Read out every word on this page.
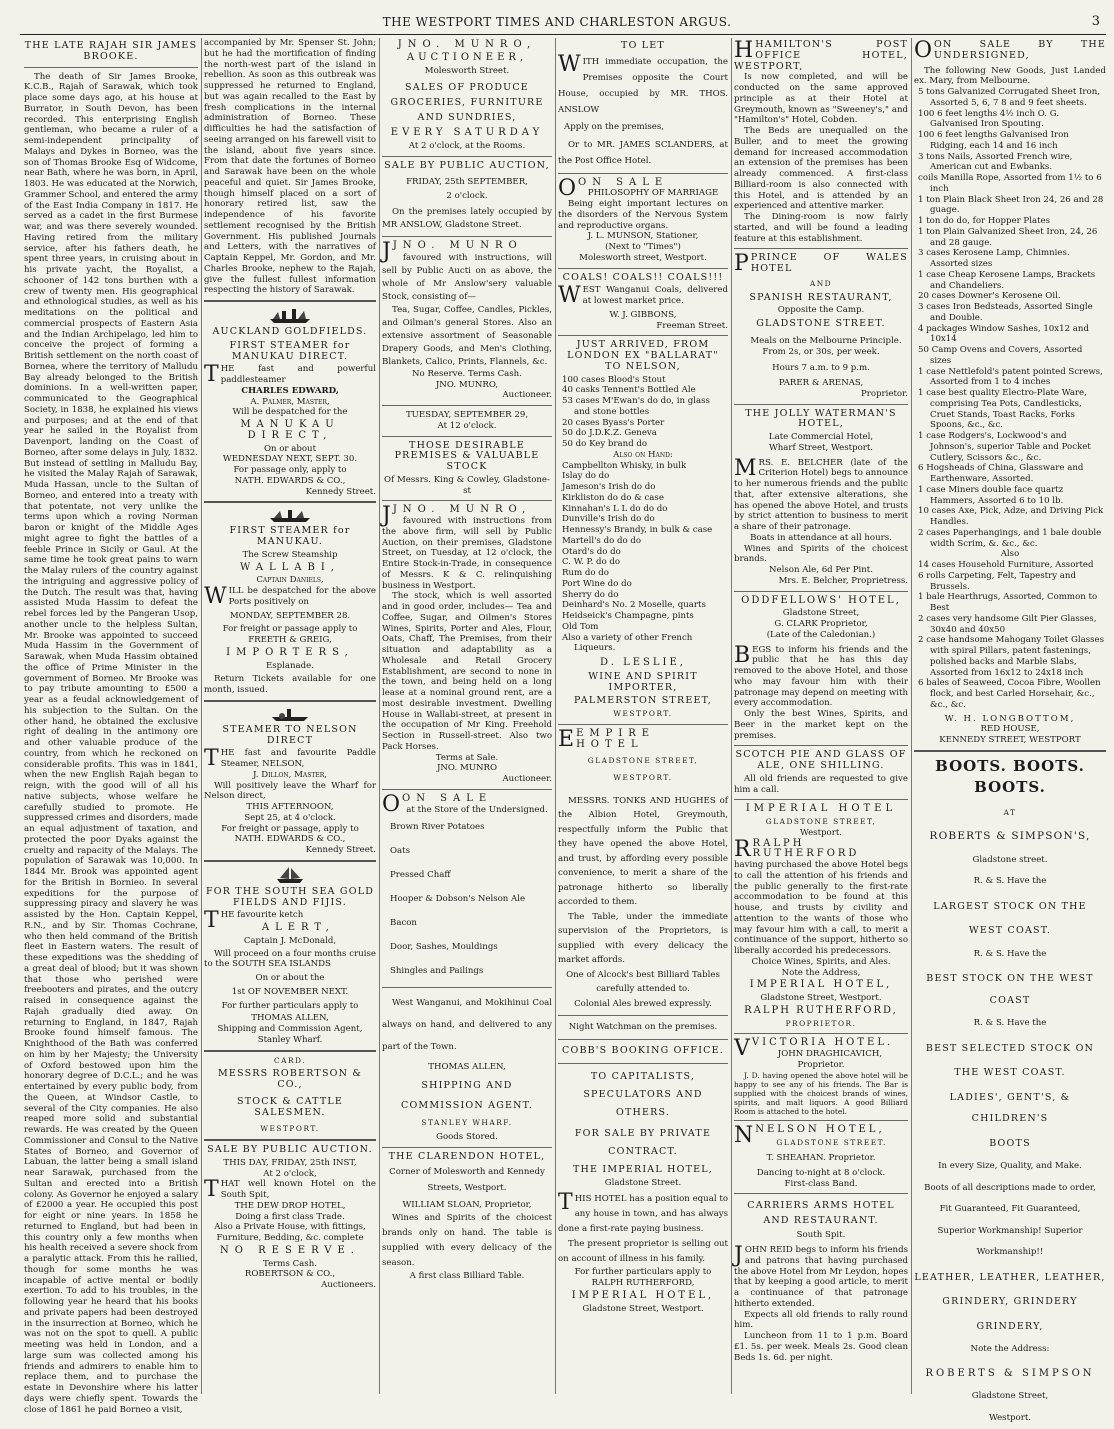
THE WESTPORT TIMES AND CHARLESTON ARGUS.	3
THE LATE RAJAH SIR JAMES BROOKE.

The death of Sir James Brooke, K.C.B., Rajah of Sarawak, which took place some days ago, at his house at Burrator, in South Devon, has been recorded. This enterprising English gentleman, who became a ruler of a semi-independent principality of Malays and Dykes in Borneo, was the son of Thomas Brooke Esq of Widcome, near Bath, where he was born, in April, 1803. He was educated at the Norwich, Grammer School, and entered the army of the East India Company in 1817. He served as a cadet in the first Burmese war, and was there severely wounded. Having retired from the military service, after his fathers death, he spent three years, in cruising about in his private yacht, the Royalist, a schooner of 142 tons burthen with a crew of twenty men. His geographical and ethnological studies, as well as his meditations on the political and commercial prospects of Eastern Asia and the Indian Archipelago, led him to conceive the project of forming a British settlement on the north coast of Bornea, where the territory of Malludu Bay already belonged to the British dominions. In a well-written paper, communicated to the Geographical Society, in 1838, he explained his views and purposes; and at the end of that year he sailed in the Royalist from Davenport, landing on the Coast of Borneo, after some delays in July, 1832. But instead of settling in Malludu Bay, he visited the Malay Rajah of Sarawak, Muda Hassan, uncle to the Sultan of Borneo, and entered into a treaty with that potentate, not very unlike the terms upon which a roving Norman baron or knight of the Middle Ages might agree to fight the battles of a feeble Prince in Sicily or Gaul. At the same time he took great pains to warn the Malay rulers of the country against the intriguing and aggressive policy of the Dutch. The result was that, having assisted Muda Hassim to defeat the rebel forces led by the Pangeran Usop, another uncle to the helpless Sultan, Mr. Brooke was appointed to succeed Muda Hassim in the Government of Sarawak, when Muda Hassim obtained the office of Prime Minister in the government of Borneo. Mr Brooke was to pay tribute amounting to £500 a year as a feudal acknowledgement of his subjection to the Sultan. On the other hand, he obtained the exclusive right of dealing in the antimony ore and other valuable produce of the country, from which he reckoned on considerable profits. This was in 1841, when the new English Rajah began to reign, with the good will of all his native subjects, whose welfare he carefully studied to promote. He suppressed crimes and disorders, made an equal adjustment of taxation, and protected the poor Dyaks against the cruelty and rapacity of the Malays. The population of Sarawak was 10,000. In 1844 Mr. Brook was appointed agent for the British in Bornieo. In several expeditions for the purpose of suppressing piracy and slavery he was assisted by the Hon. Captain Keppel, R.N., and by Sir. Thomas Cochrane, who then held command of the British fleet in Eastern waters. The result of these expeditions was the shedding of a great deal of blood; but it was shown that those who perished were freebooters and pirates, and the outcry raised in consequence against the Rajah gradually died away. On returning to England, in 1847, Rajah Brooke found himself famous. The Knighthood of the Bath was conferred on him by her Majesty; the University of Oxford bestowed upon him the honorary degree of D.C.L.; and he was entertained by every public body, from the Queen, at Windsor Castle, to several of the City companies. He also reaped more solid and substantial rewards. He was created by the Queen Commissioner and Consul to the Native States of Borneo, and Governor of Labuan, the latter being a small island near Sarawak, purchased from the Sultan and erected into a British colony. As Governor he enjoyed a salary of £2000 a year. He occupied this post for eight or nine years. In 1858 he returned to England, but had been in this country only a few months when his health received a severe shock from a paralytic attack. From this he rallied, though for some months he was incapable of active mental or bodily exertion. To add to his troubles, in the following year he heard that his books and private papers had been destroyed in the insurrection at Borneo, which he was not on the spot to quell. A public meeting was held in London, and a large sum was collected among his friends and admirers to enable him to replace them, and to purchase the estate in Devonshire where his latter days were chiefly spent. Towards the close of 1861 he paid Borneo a visit,

accompanied by Mr. Spenser St. John; but he had the mortification of finding the north-west part of the island in rebellion. As soon as this outbreak was suppressed he returned to England, but was again recalled to the East by fresh complications in the internal administration of Borneo. These difficulties he had the satisfaction of seeing arranged on his farewell visit to the island, about five years since. From that date the fortunes of Borneo and Sarawak have been on the whole peaceful and quiet. Sir James Brooke, though himself placed on a sort of honorary retired list, saw the independence of his favorite settlement recognised by the British Government. His published Journals and Letters, with the narratives of Captain Keppel, Mr. Gordon, and Mr. Charles Brooke, nephew to the Rajah, give the fullest fullest information respecting the history of Sarawak.

AUCKLAND GOLDFIELDS.
FIRST STEAMER for MANUKAU DIRECT.

THE fast and powerful paddlesteamer

CHARLES EDWARD,
A. Palmer, Master,
Will be despatched for the
MANUKAU DIRECT,
On or about
WEDNESDAY NEXT, SEPT. 30.
For passage only, apply to
NATH. EDWARDS & CO.,
Kennedy Street.
FIRST STEAMER for MANUKAU.
The Screw Steamship
WALLABI,
Captain Daniels,

WILL be despatched for the above Ports positively on

MONDAY, SEPTEMBER 28.
For freight or passage apply to
FREETH & GREIG,
IMPORTERS,
Esplanade.

Return Tickets available for one month, issued.

STEAMER TO NELSON DIRECT

THE fast and favourite Paddle Steamer, NELSON,

J. Dillon, Master,

Will positively leave the Wharf for Nelson direct,

THIS AFTERNOON,
Sept 25, at 4 o'clock.
For freight or passage, apply to
NATH. EDWARDS & CO.,
Kennedy Street.
FOR THE SOUTH SEA GOLD FIELDS AND FIJIS.

THE favourite ketch

ALERT,
Captain J. McDonald,

Will proceed on a four months cruise to the SOUTH SEA ISLANDS

On or about the
1st OF NOVEMBER NEXT.
For further particulars apply to
THOMAS ALLEN,
Shipping and Commission Agent,
Stanley Wharf.
CARD.
MESSRS ROBERTSON & CO.,
STOCK & CATTLE SALESMEN.
WESTPORT.
SALE BY PUBLIC AUCTION.
THIS DAY, FRIDAY, 25th INST,
At 2 o'clock,

THAT well known Hotel on the South Spit,

THE DEW DROP HOTEL,
Doing a first class Trade.
Also a Private House, with fittings, Furniture, Bedding, &c. complete
NO RESERVE.
Terms Cash.
ROBERTSON & CO.,
Auctioneers.
JNO. MUNRO,
AUCTIONEER,
Molesworth Street.
SALES OF PRODUCE GROCERIES, FURNITURE AND SUNDRIES,
EVERY SATURDAY
At 2 o'clock, at the Rooms.
SALE BY PUBLIC AUCTION,
FRIDAY, 25th SEPTEMBER,
2 o'clock.

On the premises lately occupied by MR ANSLOW, Gladstone Street.

JJNO. MUNRO

favoured with instructions, will sell by Public Aucti on as above, the whole of Mr Anslow'sery valuable Stock, consisting of—

Tea, Sugar, Coffee, Candles, Pickles, and Oilman's general Stores. Also an extensive assortment of Seasonable Drapery Goods, and Men's Clothing, Blankets, Calico, Prints, Flannels, &c.

No Reserve. Terms Cash.
JNO. MUNRO,
Auctioneer.
TUESDAY, SEPTEMBER 29,
At 12 o'clock.
THOSE DESIRABLE PREMISES & VALUABLE STOCK
Of Messrs. King & Cowley, Gladstone-st

JJNO. MUNRO,

favoured with instructions from the above firm, will sell by Public Auction, on their premises, Gladstone Street, on Tuesday, at 12 o'clock, the Entire Stock-in-Trade, in consequence of Messrs. K & C. relinquishing business in Westport.

The stock, which is well assorted and in good order, includes— Tea and Coffee, Sugar, and Oilmen's Stores Wines, Spirits, Porter and Ales, Flour, Oats, Chaff, The Premises, from their situation and adaptability as a Wholesale and Retail Grocery Establishment, are second to none in the town, and being held on a long lease at a nominal ground rent, are a most desirable investment. Dwelling House in Wallabi-street, at present in the occupation of Mr King. Freehold Section in Russell-street. Also two Pack Horses.

Terms at Sale.
JNO. MUNRO
Auctioneer.

OON SALE

at the Store of the Undersigned.
Brown River Potatoes
Oats
Pressed Chaff
Hooper & Dobson's Nelson Ale
Bacon
Door, Sashes, Mouldings
Shingles and Pailings

West Wanganui, and Mokihinui Coal always on hand, and delivered to any part of the Town.

THOMAS ALLEN,
SHIPPING AND COMMISSION AGENT.
STANLEY WHARF.
Goods Stored.
THE CLARENDON HOTEL,
Corner of Molesworth and Kennedy Streets, Westport.
WILLIAM SLOAN, Proprietor,

Wines and Spirits of the choicest brands only on hand. The table is supplied with every delicacy of the season.

A first class Billiard Table.
TO LET

WITH immediate occupation, the Premises opposite the Court House, occupied by MR. THOS. ANSLOW

Apply on the premises,

Or to MR. JAMES SCLANDERS, at the Post Office Hotel.

OON SALE

PHILOSOPHY OF MARRIAGE

Being eight important lectures on the disorders of the Nervous System and reproductive organs.

J. L. MUNSON, Stationer,
(Next to "Times")
Molesworth street, Westport.
COALS! COALS!! COALS!!!

WEST Wanganui Coals, delivered at lowest market price.

W. J. GIBBONS,
Freeman Street.
JUST ARRIVED, FROM LONDON EX "BALLARAT" TO NELSON,
100 cases Blood's Stout
40 casks Tennent's Bottled Ale
53 cases M'Ewan's do do, in glass and stone bottles
20 cases Byass's Porter
50 do J.D.K.Z. Geneva
50 do Key brand do
Also on Hand:
Campbellton Whisky, in bulk
Islay do do
Jameson's Irish do do
Kirkliston do do & case
Kinnahan's L L do do do
Dunville's Irish do do
Hennessy's Brandy, in bulk & case
Martell's do do do
Otard's do do
C. W. P. do do
Rum do do
Port Wine do do
Sherry do do
Deinhard's No. 2 Moselle, quarts
Heidseick's Champagne, pints
Old Tom
Also a variety of other French Liqueurs.
D. LESLIE,
WINE AND SPIRIT IMPORTER,
PALMERSTON STREET,
WESTPORT.

EEMPIRE HOTEL

GLADSTONE STREET,
WESTPORT.

MESSRS. TONKS AND HUGHES of the Albion Hotel, Greymouth, respectfully inform the Public that they have opened the above Hotel, and trust, by affording every possible convenience, to merit a share of the patronage hitherto so liberally accorded to them.

The Table, under the immediate supervision of the Proprietors, is supplied with every delicacy the market affords.

One of Alcock's best Billiard Tables carefully attended to.
Colonial Ales brewed expressly.
Night Watchman on the premises.
COBB'S BOOKING OFFICE.
TO CAPITALISTS, SPECULATORS AND OTHERS.
FOR SALE BY PRIVATE CONTRACT.
THE IMPERIAL HOTEL,
Gladstone Street.

THIS HOTEL has a position equal to any house in town, and has always done a first-rate paying business.

The present proprietor is selling out on account of illness in his family.

For further particulars apply to
RALPH RUTHERFORD,
IMPERIAL HOTEL,
Gladstone Street, Westport.

HHAMILTON'S POST OFFICE HOTEL, WESTPORT,

Is now completed, and will be conducted on the same approved principle as at their Hotel at Greymouth, known as "Sweeney's," and "Hamilton's" Hotel, Cobden.

The Beds are unequalled on the Buller, and to meet the growing demand for increased accommodation an extension of the premises has been already commenced. A first-class Billiard-room is also connected with this Hotel, and is attended by an experienced and attentive marker.

The Dining-room is now fairly started, and will be found a leading feature at this establishment.

PPRINCE OF WALES HOTEL

AND
SPANISH RESTAURANT,
Opposite the Camp.
GLADSTONE STREET.

Meals on the Melbourne Principle. From 2s, or 30s, per week.

Hours 7 a.m. to 9 p.m.
PARER & ARENAS,
Proprietor.
THE JOLLY WATERMAN'S HOTEL,
Late Commercial Hotel,
Wharf Street, Westport.

MRS. E. BELCHER (late of the Criterion Hotel) begs to announce to her numerous friends and the public that, after extensive alterations, she has opened the above Hotel, and trusts by strict attention to business to merit a share of their patronage.

Boats in attendance at all hours.

Wines and Spirits of the choicest brands.

Nelson Ale, 6d Per Pint.
Mrs. E. Belcher, Proprietress.
ODDFELLOWS' HOTEL,
Gladstone Street,
G. CLARK Proprietor,
(Late of the Caledonian.)

BEGS to inform his friends and the public that he has this day removed to the above Hotel, and those who may favour him with their patronage may depend on meeting with every accommodation.

Only the best Wines, Spirits, and Beer in the market kept on the premises.

SCOTCH PIE AND GLASS OF ALE, ONE SHILLING.

All old friends are requested to give him a call.

IMPERIAL HOTEL
GLADSTONE STREET,
Westport.

RRALPH RUTHERFORD

having purchased the above Hotel begs to call the attention of his friends and the public generally to the first-rate accommodation to be found at this house, and trusts by civility and attention to the wants of those who may favour him with a call, to merit a continuance of the support, hitherto so liberally accorded his predecessors.

Choice Wines, Spirits, and Ales.
Note the Address,
IMPERIAL HOTEL,
Gladstone Street, Westport.
RALPH RUTHERFORD,
PROPRIETOR.

VVICTORIA HOTEL.

JOHN DRAGHICAVICH,
Proprietor.

J. D. having opened the above hotel will be happy to see any of his friends. The Bar is supplied with the choicest brands of wines, spirits, and malt liquors. A good Billiard Room is attached to the hotel.

NNELSON HOTEL,

GLADSTONE STREET.
T. SHEAHAN. Proprietor.
Dancing to-night at 8 o'clock.
First-class Band.
CARRIERS ARMS HOTEL AND RESTAURANT.
South Spit.

JOHN REID begs to inform his friends and patrons that having purchased the above Hotel from Mr Leydon, hopes that by keeping a good article, to merit a continuance of that patronage hitherto extended.

Expects all old friends to rally round him.

Luncheon from 11 to 1 p.m. Board £1. 5s. per week. Meals 2s. Good clean Beds 1s. 6d. per night.

OON SALE BY THE UNDERSIGNED,

The following New Goods, Just Landed ex. Mary, from Melbourne.

5 tons Galvanized Corrugated Sheet Iron, Assorted 5, 6, 7 8 and 9 feet sheets.
100 6 feet lengths 4½ inch O. G. Galvanised Iron Spouting.
100 6 feet lengths Galvanised Iron Ridging, each 14 and 16 inch
3 tons Nails, Assorted French wire, American cut and Ewbanks.
coils Manilla Rope, Assorted from 1½ to 6 inch
1 ton Plain Black Sheet Iron 24, 26 and 28 guage.
1 ton do do, for Hopper Plates
1 ton Plain Galvanized Sheet Iron, 24, 26 and 28 gauge.
3 cases Kerosene Lamp, Chimnies. Assorted sizes
1 case Cheap Kerosene Lamps, Brackets and Chandeliers.
20 cases Downer's Kerosene Oil.
3 cases Iron Bedsteads, Assorted Single and Double.
4 packages Window Sashes, 10x12 and 10x14
50 Camp Ovens and Covers, Assorted sizes
1 case Nettlefold's patent pointed Screws, Assorted from 1 to 4 inches
1 case best quality Electro-Plate Ware, comprising Tea Pots, Candlesticks, Cruet Stands, Toast Racks, Forks Spoons, &c., &c.
1 case Rodgers's, Lockwood's and Johnson's, superior Table and Pocket Cutlery, Scissors &c., &c.
6 Hogsheads of China, Glassware and Earthenware, Assorted.
1 case Miners double face quartz Hammers, Assorted 6 to 10 lb.
10 cases Axe, Pick, Adze, and Driving Pick Handles.
2 cases Paperhangings, and 1 bale double width Scrim, &. &c., &c.
Also
14 cases Household Furniture, Assorted
6 rolls Carpeting, Felt, Tapestry and Brussels.
1 bale Hearthrugs, Assorted, Common to Best
2 cases very handsome Gilt Pier Glasses, 30x40 and 40x50
2 case handsome Mahogany Toilet Glasses with spiral Pillars, patent fastenings, polished backs and Marble Slabs, Assorted from 16x12 to 24x18 inch
6 bales of Seaweed, Cocoa Fibre, Woollen flock, and best Carled Horsehair, &c., &c., &c.
W. H. LONGBOTTOM,
RED HOUSE,
KENNEDY STREET, WESTPORT
BOOTS. BOOTS. BOOTS.
AT
ROBERTS & SIMPSON'S,
Gladstone street.
R. & S. Have the
LARGEST STOCK ON THE
WEST COAST.
R. & S. Have the
BEST STOCK ON THE WEST COAST
R. & S. Have the
BEST SELECTED STOCK ON
THE WEST COAST.
LADIES', GENT'S, & CHILDREN'S
BOOTS
In every Size, Quality, and Make.
Boots of all descriptions made to order,
Fit Guaranteed, Fit Guaranteed,
Superior Workmanship! Superior
Workmanship!!
LEATHER, LEATHER, LEATHER,
GRINDERY, GRINDERY
GRINDERY,
Note the Address:
ROBERTS & SIMPSON
Gladstone Street,
Westport.
